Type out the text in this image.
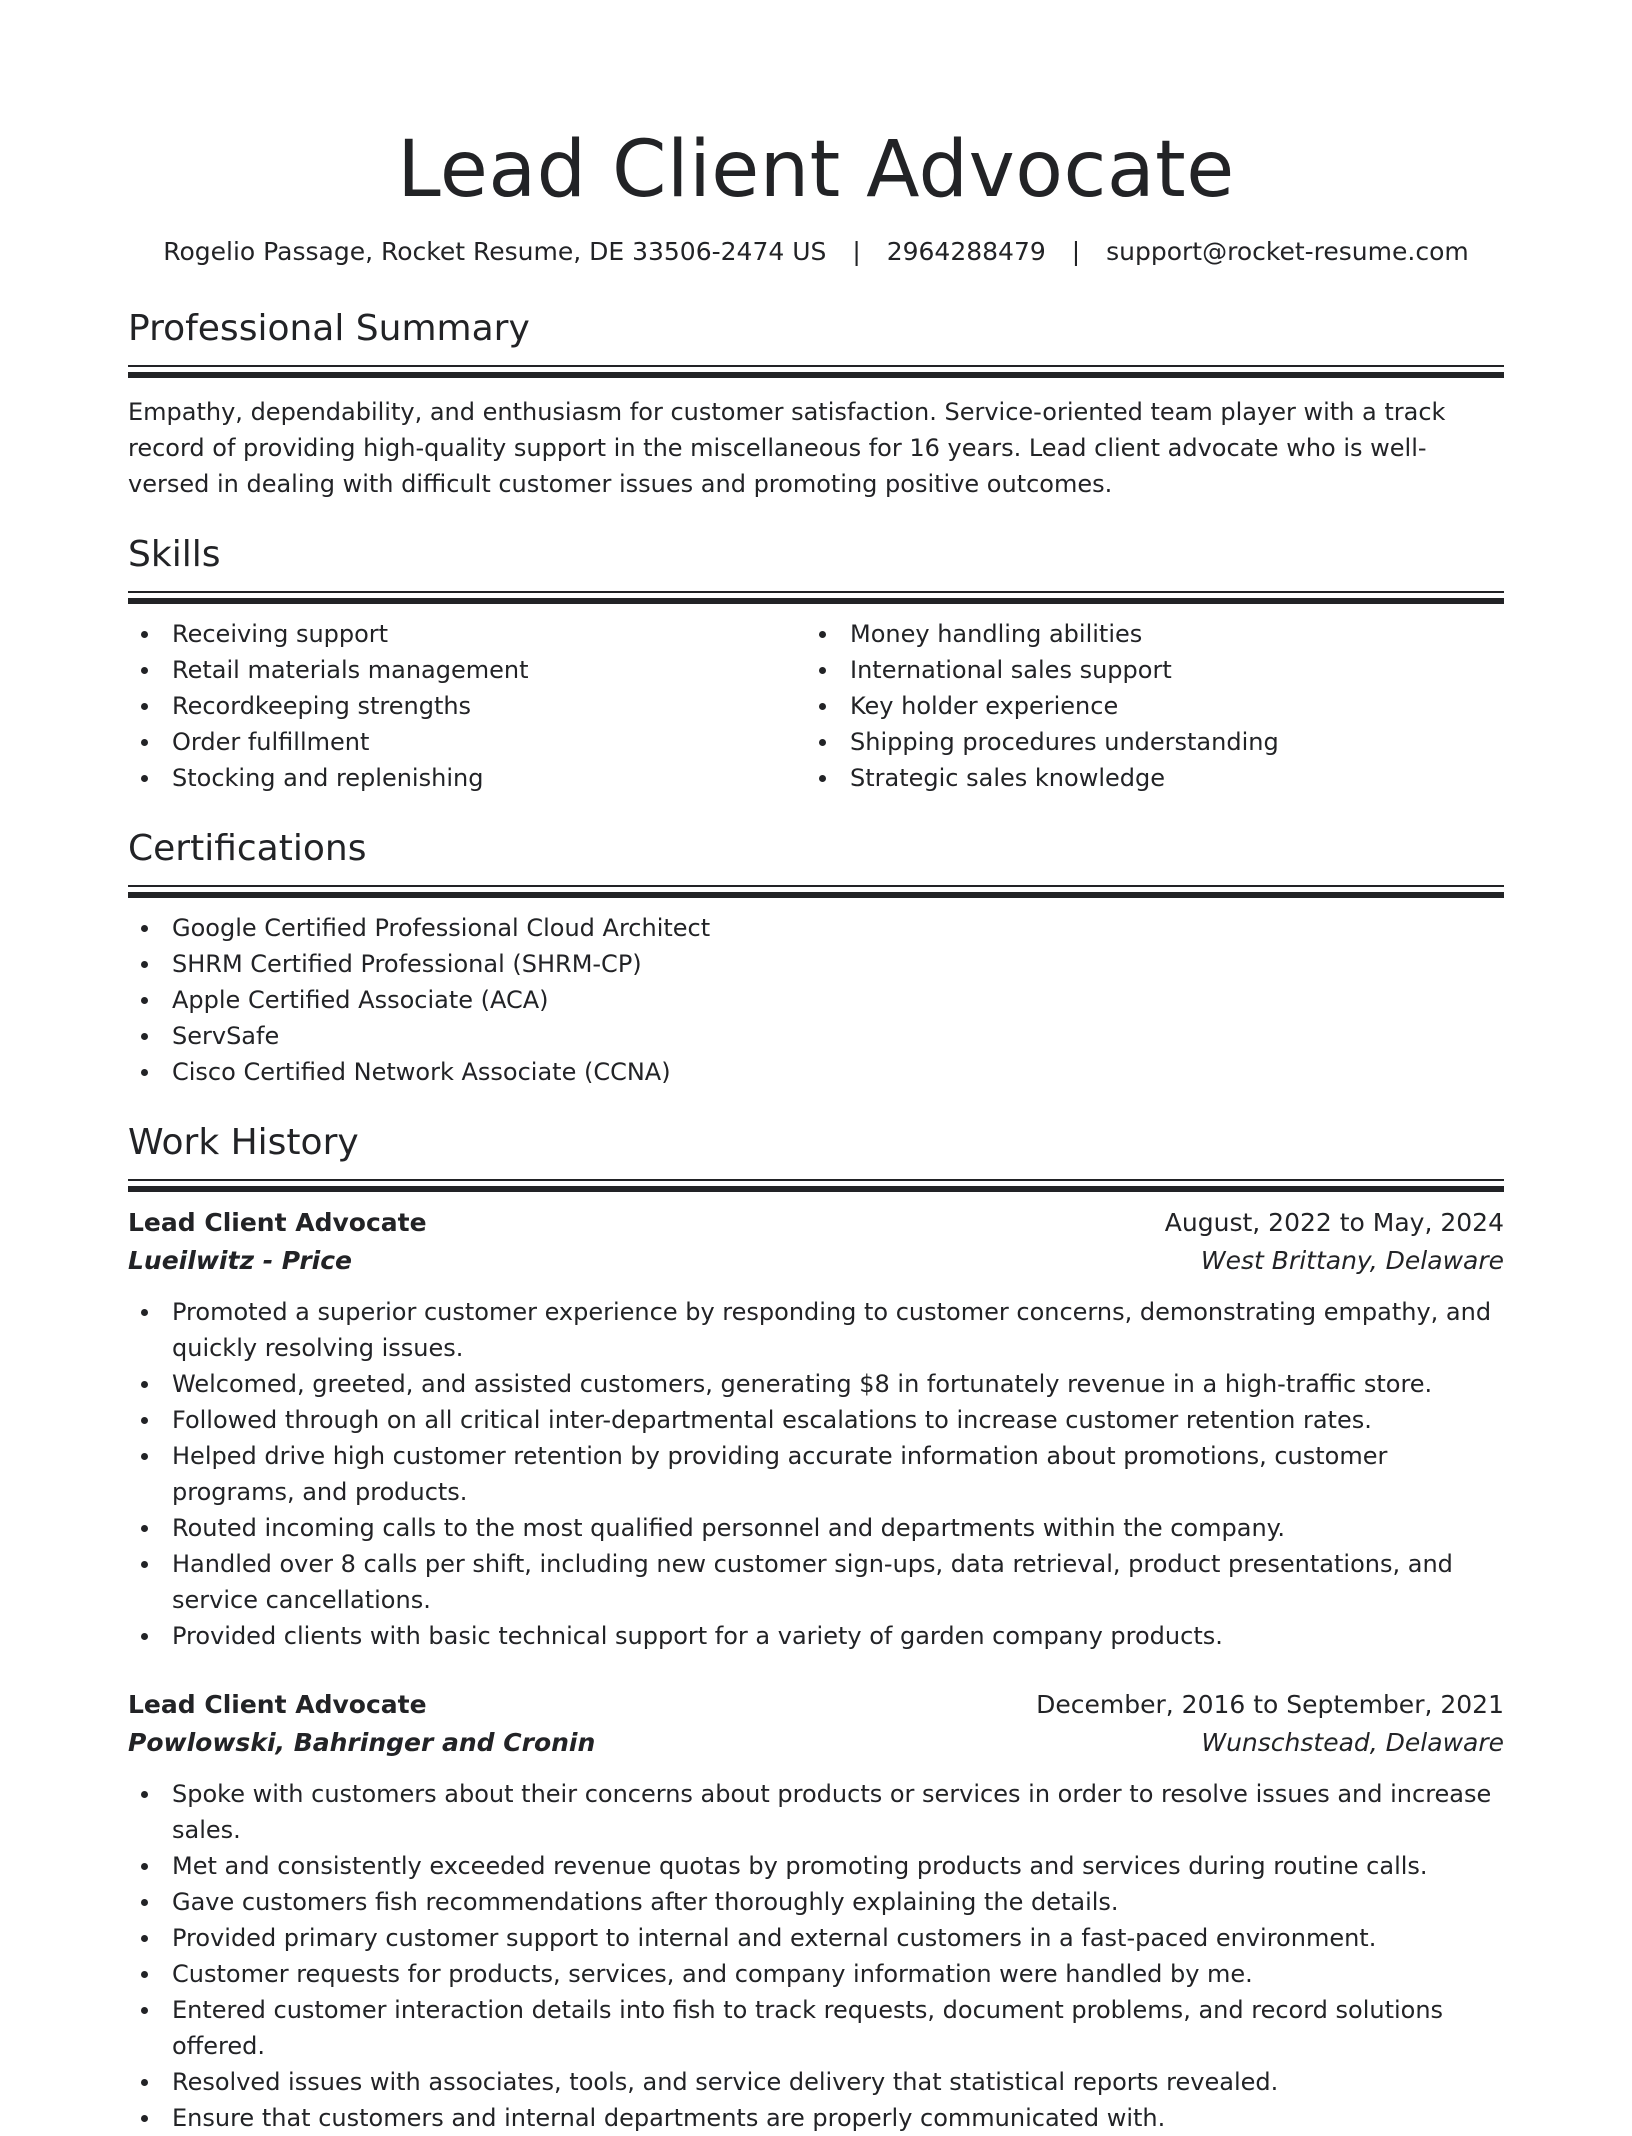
Lead Client Advocate
Rogelio Passage, Rocket Resume, DE 33506-2474 US | 2964288479 | support@rocket-resume.com
Professional Summary
Empathy, dependability, and enthusiasm for customer satisfaction. Service-oriented team player with a track record of providing high-quality support in the miscellaneous for 16 years. Lead client advocate who is well-versed in dealing with difficult customer issues and promoting positive outcomes.
Skills
Receiving support
Retail materials management
Recordkeeping strengths
Order fulfillment
Stocking and replenishing
Money handling abilities
International sales support
Key holder experience
Shipping procedures understanding
Strategic sales knowledge
Certifications
Google Certified Professional Cloud Architect
SHRM Certified Professional (SHRM-CP)
Apple Certified Associate (ACA)
ServSafe
Cisco Certified Network Associate (CCNA)
Work History
Lead Client Advocate	August, 2022 to May, 2024
Lueilwitz - Price	West Brittany, Delaware
Promoted a superior customer experience by responding to customer concerns, demonstrating empathy, and quickly resolving issues.
Welcomed, greeted, and assisted customers, generating $8 in fortunately revenue in a high-traffic store.
Followed through on all critical inter-departmental escalations to increase customer retention rates.
Helped drive high customer retention by providing accurate information about promotions, customer programs, and products.
Routed incoming calls to the most qualified personnel and departments within the company.
Handled over 8 calls per shift, including new customer sign-ups, data retrieval, product presentations, and service cancellations.
Provided clients with basic technical support for a variety of garden company products.
Lead Client Advocate	December, 2016 to September, 2021
Powlowski, Bahringer and Cronin	Wunschstead, Delaware
Spoke with customers about their concerns about products or services in order to resolve issues and increase sales.
Met and consistently exceeded revenue quotas by promoting products and services during routine calls.
Gave customers fish recommendations after thoroughly explaining the details.
Provided primary customer support to internal and external customers in a fast-paced environment.
Customer requests for products, services, and company information were handled by me.
Entered customer interaction details into fish to track requests, document problems, and record solutions offered.
Resolved issues with associates, tools, and service delivery that statistical reports revealed.
Ensure that customers and internal departments are properly communicated with.
